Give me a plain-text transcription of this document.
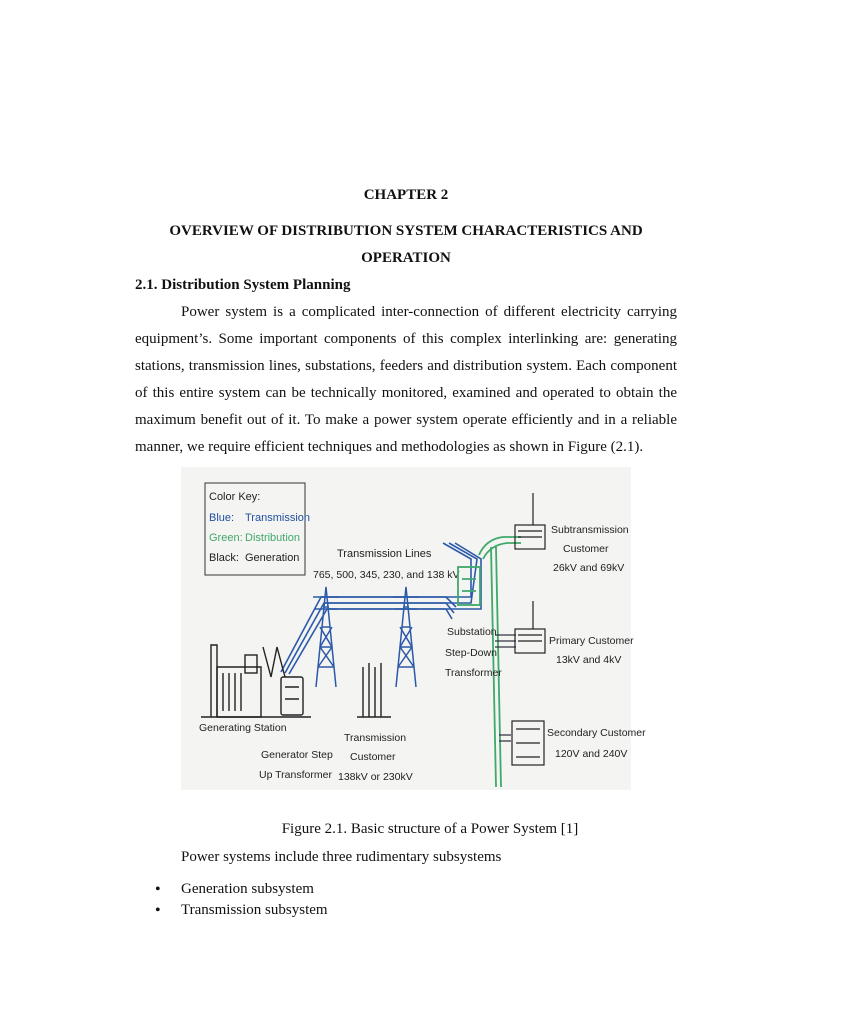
CHAPTER 2
OVERVIEW OF DISTRIBUTION SYSTEM CHARACTERISTICS AND
OPERATION
2.1. Distribution System Planning
Power system is a complicated inter-connection of different electricity carrying
equipment’s. Some important components of this complex interlinking are: generating
stations, transmission lines, substations, feeders and distribution system. Each component
of this entire system can be technically monitored, examined and operated to obtain the
maximum benefit out of it. To make a power system operate efficiently and in a reliable
manner, we require efficient techniques and methodologies as shown in Figure (2.1).
Color Key:
Blue: Transmission
Green: Distribution
Black: Generation	Transmission Lines
765, 500, 345, 230, and 138 kV
Subtransmission
Customer
26kV and 69kV
Primary Customer
13kV and 4kV
Secondary Customer
120V and 240V
Substation
Step-Down
Transformer
Generating Station
Generator Step
Up Transformer
Transmission
Customer
138kV or 230kV
Figure 2.1. Basic structure of a Power System [1]
Power systems include three rudimentary subsystems
• Generation subsystem
• Transmission subsystem
